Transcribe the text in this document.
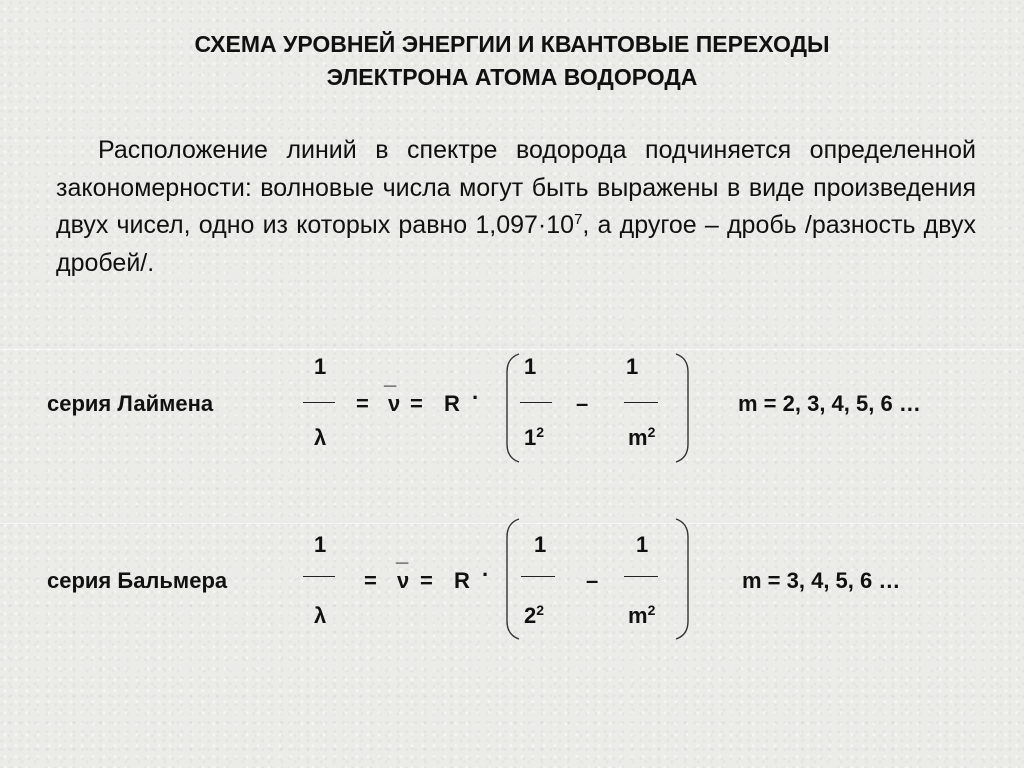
СХЕМА УРОВНЕЙ ЭНЕРГИИ И КВАНТОВЫЕ ПЕРЕХОДЫ
ЭЛЕКТРОНА АТОМА ВОДОРОДА
Расположение линий в спектре водорода подчиняется определенной закономерности: волновые числа могут быть выражены в виде произведения двух чисел, одно из которых равно $1,097\cdot 10^7$, а другое – дробь /разность двух дробей/.
серия Лаймена
1
λ
=
_
ν = R ·
1
$1^2$
–
1
$m^2$
m = 2, 3, 4, 5, 6 …
серия Бальмера
1
λ
=
_
ν = R ·
1
$2^2$
–
1
$m^2$
m = 3, 4, 5, 6 …
